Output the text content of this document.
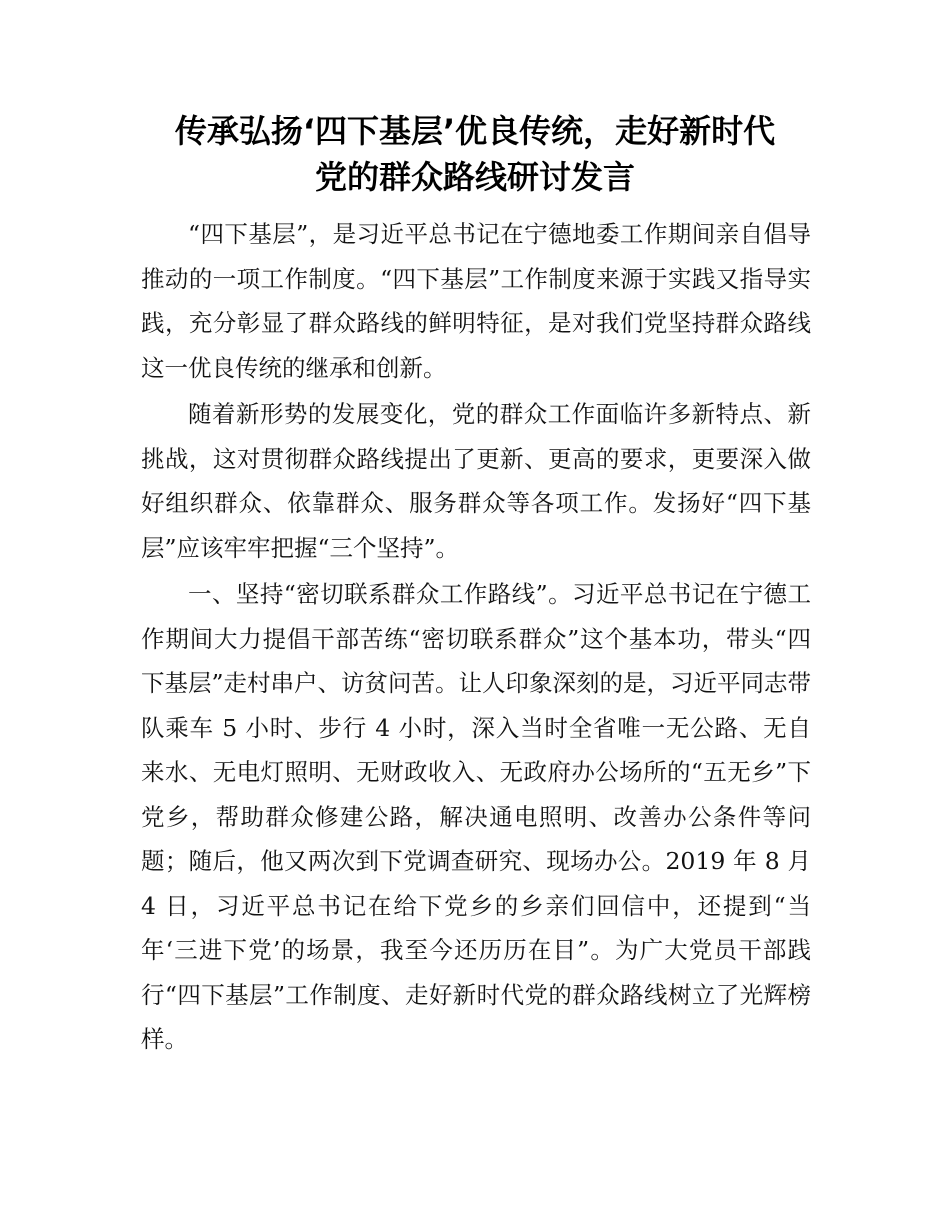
传承弘扬‘四下基层’优良传统，走好新时代
党的群众路线研讨发言

“四下基层”，是习近平总书记在宁德地委工作期间亲自倡导推动的一项工作制度。“四下基层”工作制度来源于实践又指导实践，充分彰显了群众路线的鲜明特征，是对我们党坚持群众路线这一优良传统的继承和创新。

随着新形势的发展变化，党的群众工作面临许多新特点、新挑战，这对贯彻群众路线提出了更新、更高的要求，更要深入做好组织群众、依靠群众、服务群众等各项工作。发扬好“四下基层”应该牢牢把握“三个坚持”。

一、坚持“密切联系群众工作路线”。习近平总书记在宁德工作期间大力提倡干部苦练“密切联系群众”这个基本功，带头“四下基层”走村串户、访贫问苦。让人印象深刻的是，习近平同志带队乘车 5 小时、步行 4 小时，深入当时全省唯一无公路、无自来水、无电灯照明、无财政收入、无政府办公场所的“五无乡”下党乡，帮助群众修建公路，解决通电照明、改善办公条件等问题；随后，他又两次到下党调查研究、现场办公。2019 年 8 月 4 日，习近平总书记在给下党乡的乡亲们回信中，还提到“当年‘三进下党’的场景，我至今还历历在目”。为广大党员干部践行“四下基层”工作制度、走好新时代党的群众路线树立了光辉榜样。
